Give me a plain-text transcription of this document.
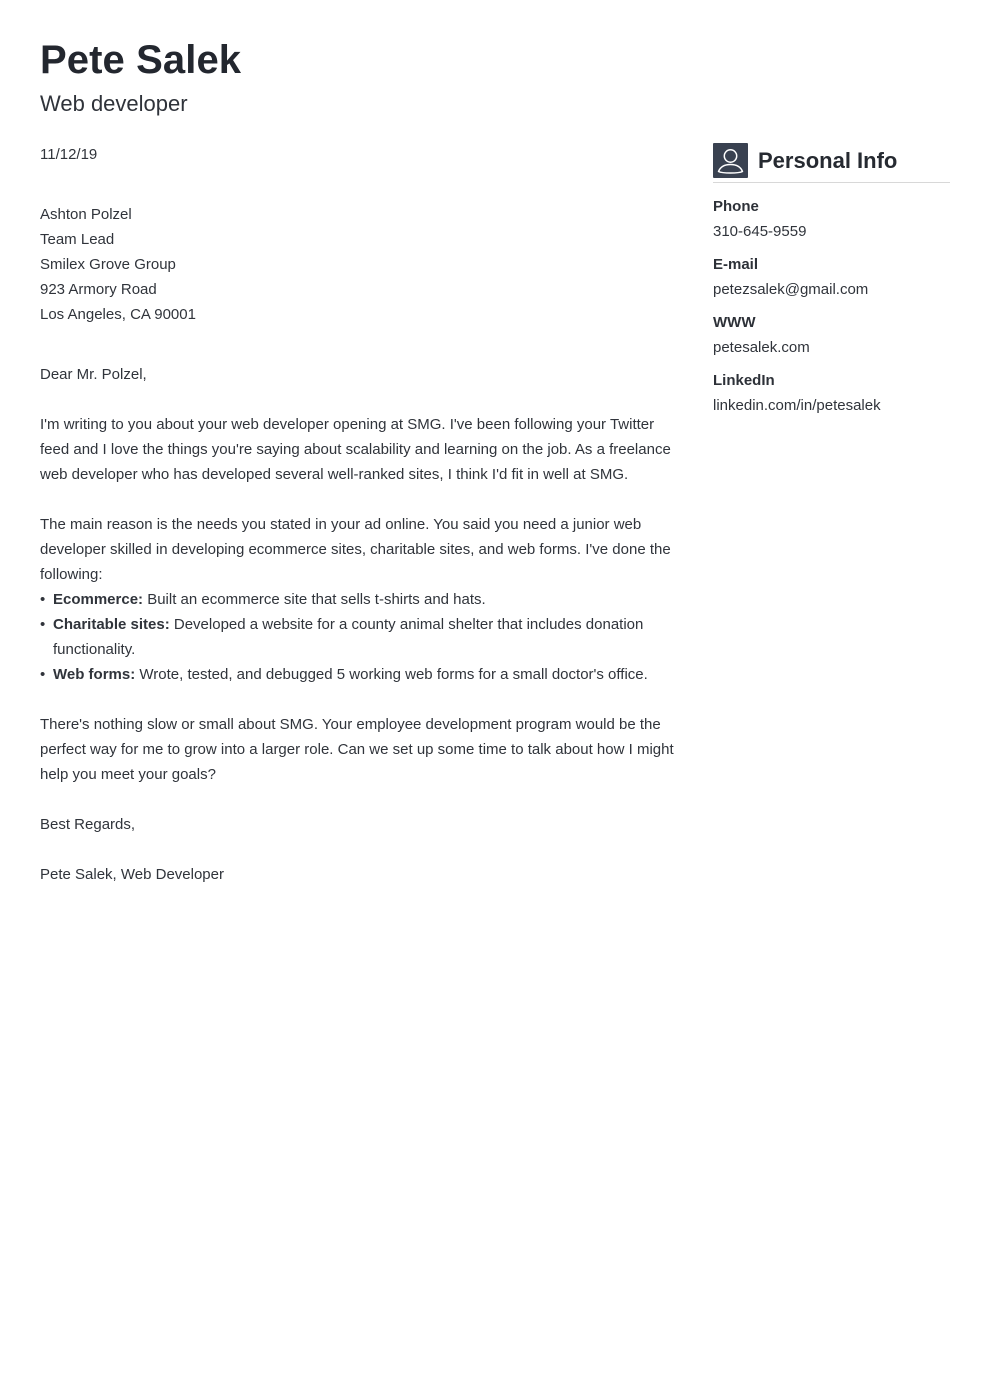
Pete Salek
Web developer
11/12/19
Ashton Polzel
Team Lead
Smilex Grove Group
923 Armory Road
Los Angeles, CA 90001
Dear Mr. Polzel,
I'm writing to you about your web developer opening at SMG. I've been following your Twitter feed and I love the things you're saying about scalability and learning on the job. As a freelance web developer who has developed several well-ranked sites, I think I'd fit in well at SMG.
The main reason is the needs you stated in your ad online. You said you need a junior web developer skilled in developing ecommerce sites, charitable sites, and web forms. I've done the following:
• Ecommerce: Built an ecommerce site that sells t-shirts and hats.
• Charitable sites: Developed a website for a county animal shelter that includes donation functionality.
• Web forms: Wrote, tested, and debugged 5 working web forms for a small doctor's office.
There's nothing slow or small about SMG. Your employee development program would be the perfect way for me to grow into a larger role. Can we set up some time to talk about how I might help you meet your goals?
Best Regards,
Pete Salek, Web Developer
Personal Info
Phone
310-645-9559
E-mail
petezsalek@gmail.com
WWW
petesalek.com
LinkedIn
linkedin.com/in/petesalek
